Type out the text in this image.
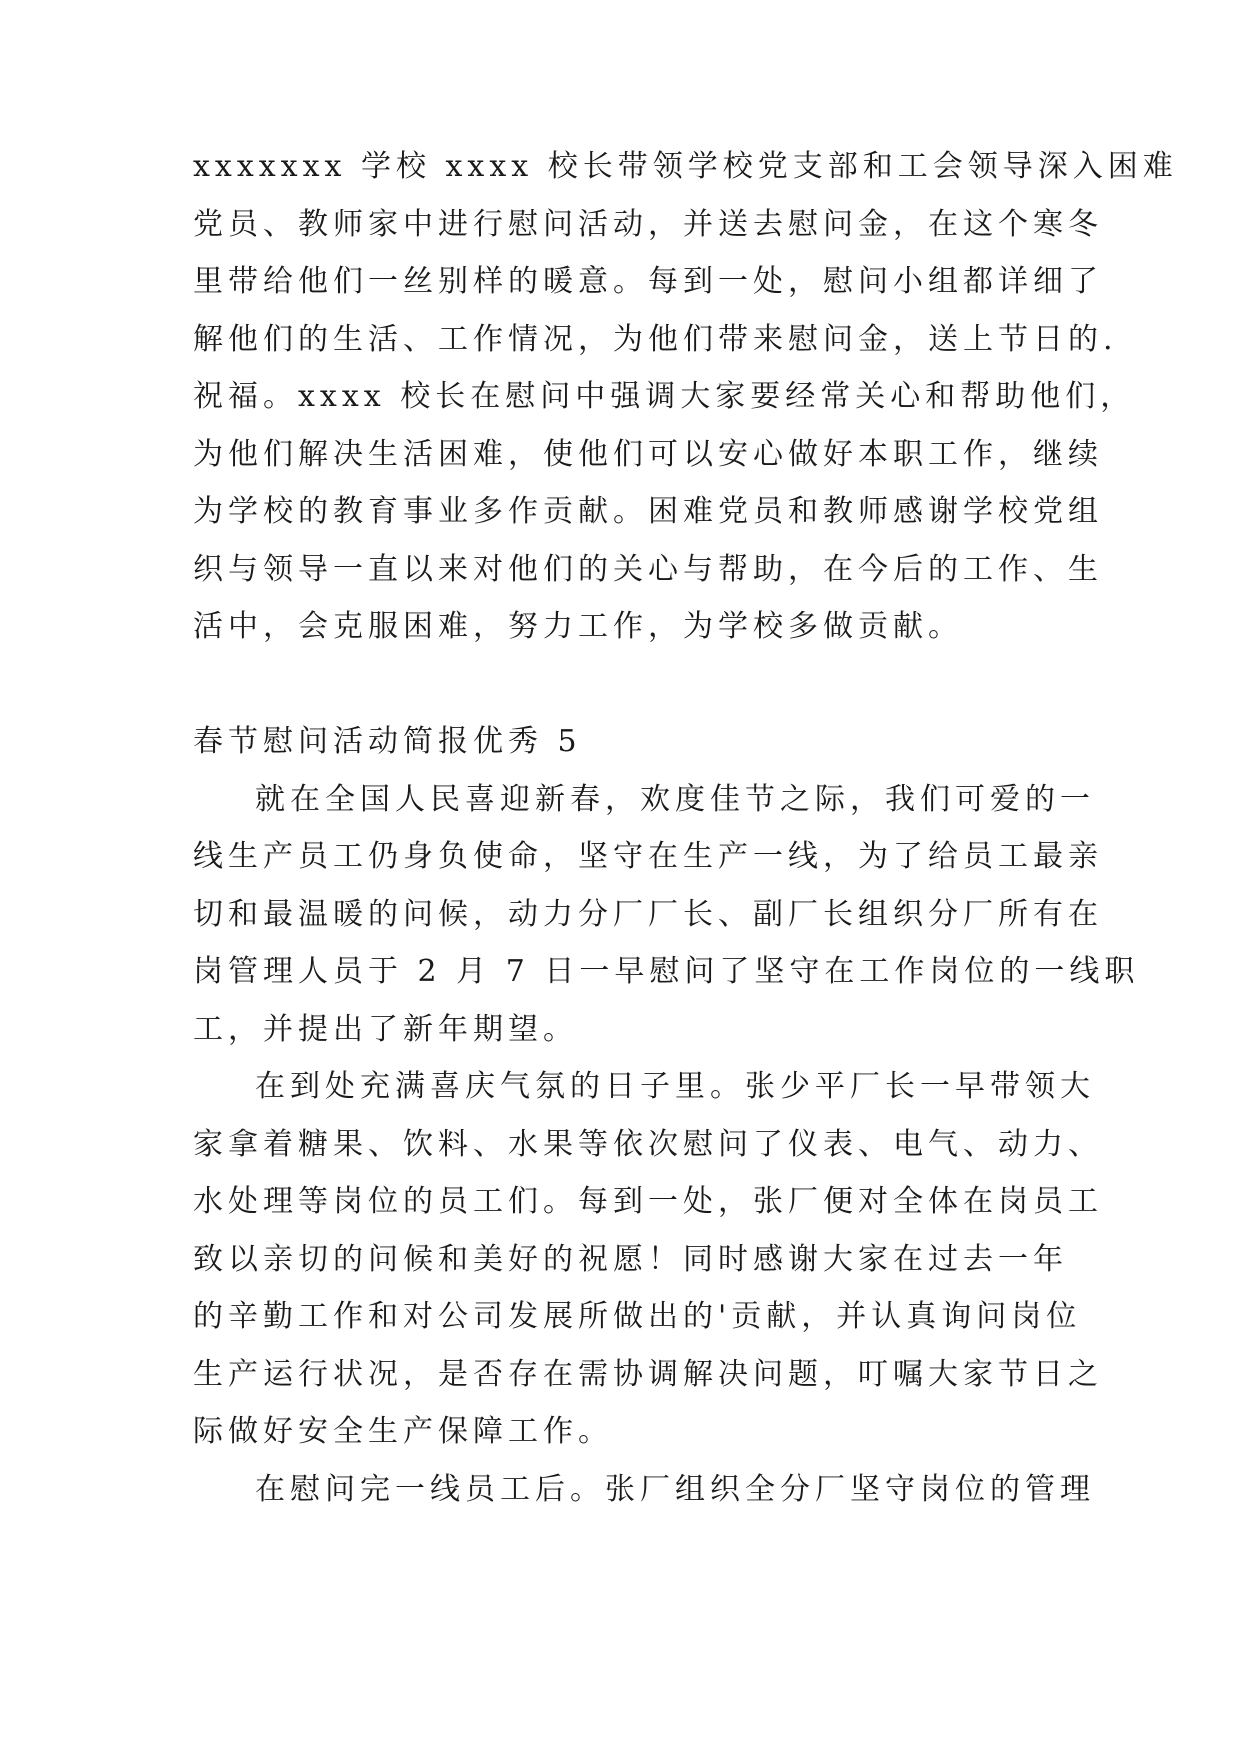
xxxxxxx 学校 xxxx 校长带领学校党支部和工会领导深入困难
党员、教师家中进行慰问活动，并送去慰问金，在这个寒冬
里带给他们一丝别样的暖意。每到一处，慰问小组都详细了
解他们的生活、工作情况，为他们带来慰问金，送上节日的.
祝福。xxxx 校长在慰问中强调大家要经常关心和帮助他们，
为他们解决生活困难，使他们可以安心做好本职工作，继续
为学校的教育事业多作贡献。困难党员和教师感谢学校党组
织与领导一直以来对他们的关心与帮助，在今后的工作、生
活中，会克服困难，努力工作，为学校多做贡献。
春节慰问活动简报优秀 5
就在全国人民喜迎新春，欢度佳节之际，我们可爱的一
线生产员工仍身负使命，坚守在生产一线，为了给员工最亲
切和最温暖的问候，动力分厂厂长、副厂长组织分厂所有在
岗管理人员于 2 月 7 日一早慰问了坚守在工作岗位的一线职
工，并提出了新年期望。
在到处充满喜庆气氛的日子里。张少平厂长一早带领大
家拿着糖果、饮料、水果等依次慰问了仪表、电气、动力、
水处理等岗位的员工们。每到一处，张厂便对全体在岗员工
致以亲切的问候和美好的祝愿！同时感谢大家在过去一年
的辛勤工作和对公司发展所做出的'贡献，并认真询问岗位
生产运行状况，是否存在需协调解决问题，叮嘱大家节日之
际做好安全生产保障工作。
在慰问完一线员工后。张厂组织全分厂坚守岗位的管理
